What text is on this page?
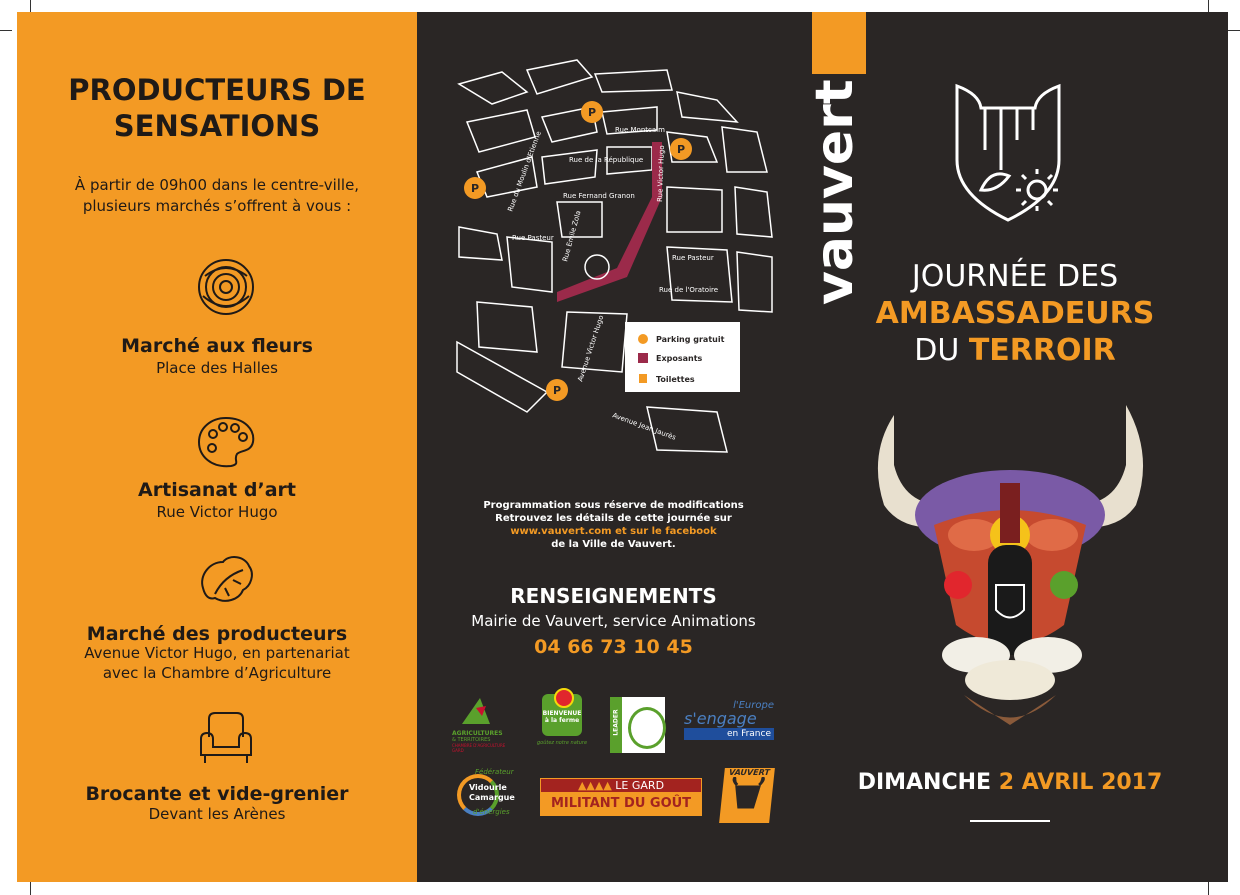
PRODUCTEURS DE
SENSATIONS
À partir de 09h00 dans le centre-ville,
plusieurs marchés s’offrent à vous :
Marché aux fleurs
Place des Halles
Artisanat d’art
Rue Victor Hugo
Marché des producteurs
Avenue Victor Hugo, en partenariat
avec la Chambre d’Agriculture
Brocante et vide-grenier
Devant les Arènes
Rue Montcalm
Rue de la République
Rue Fernand Granon
Rue Pasteur
Rue Pasteur
Rue de l'Oratoire
Rue Victor Hugo
Rue Emile Zola
Rue du Moulin d'Etienne
Avenue Victor Hugo
Avenue Jean Jaurès
P
P
P
P
Parking gratuit
Exposants
Toilettes
Programmation sous réserve de modifications
Retrouvez les détails de cette journée sur
www.vauvert.com et sur le facebook
de la Ville de Vauvert.
RENSEIGNEMENTS
Mairie de Vauvert, service Animations
04 66 73 10 45
AGRICULTURES
& TERRITOIRES
CHAMBRE D'AGRICULTURE
GARD
BIENVENUE
à la ferme
goûtez notre nature
LEADER
l'Europe
s'engage
en France
Fédérateur
Vidourle
Camargue
d'énergies
▲▲▲▲ LE GARD
MILITANT DU GOÛT
VAUVERT
vauvert	JOURNÉE DES
AMBASSADEURS
DU TERROIR
DIMANCHE 2 AVRIL 2017
